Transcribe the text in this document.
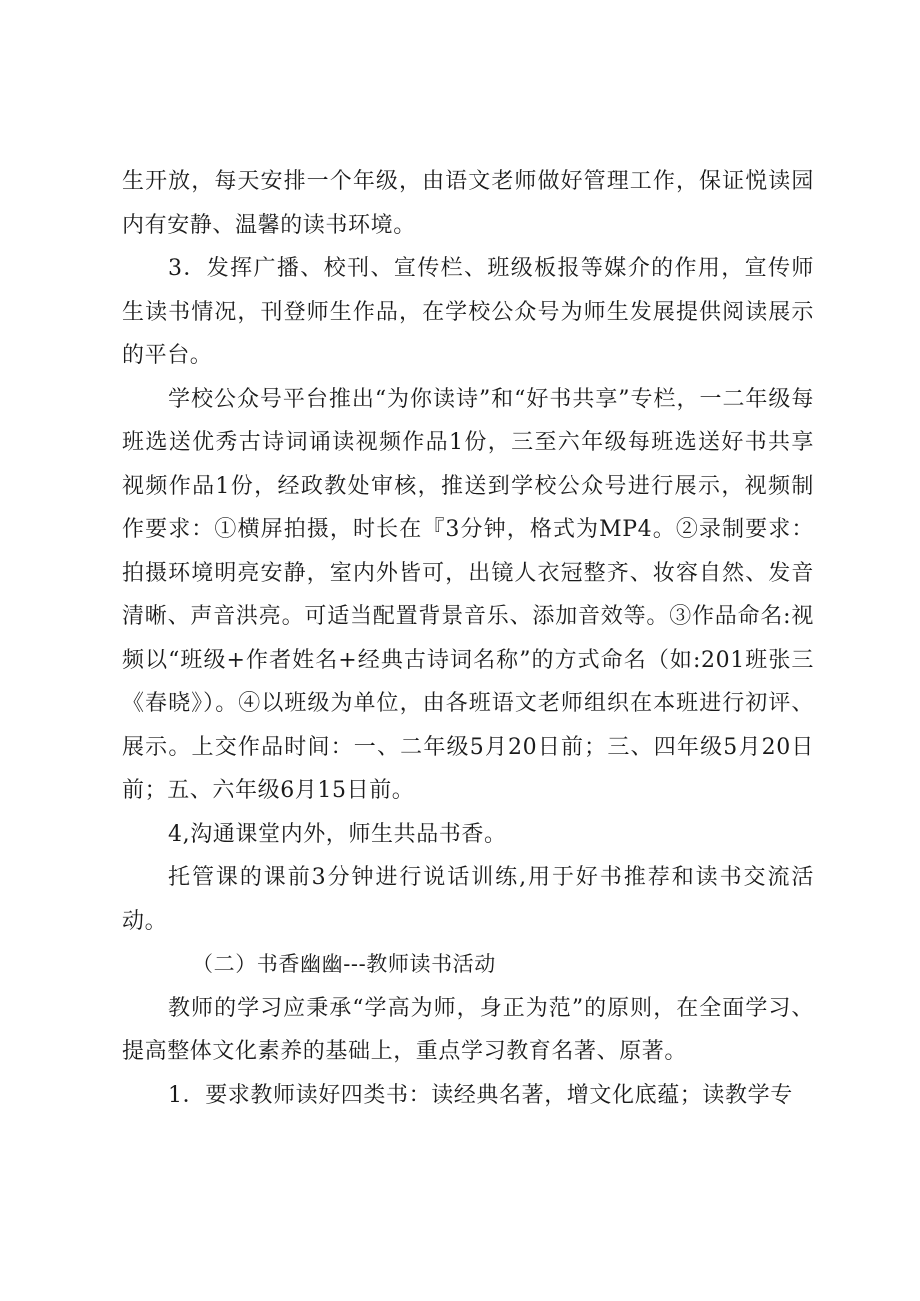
生开放，每天安排一个年级，由语文老师做好管理工作，保证悦读园内有安静、温馨的读书环境。

3．发挥广播、校刊、宣传栏、班级板报等媒介的作用，宣传师生读书情况，刊登师生作品，在学校公众号为师生发展提供阅读展示的平台。

学校公众号平台推出“为你读诗”和“好书共享”专栏，一二年级每班选送优秀古诗词诵读视频作品1份，三至六年级每班选送好书共享视频作品1份，经政教处审核，推送到学校公众号进行展示，视频制作要求：①横屏拍摄，时长在『3分钟，格式为MP4。②录制要求：拍摄环境明亮安静，室内外皆可，出镜人衣冠整齐、妆容自然、发音清晰、声音洪亮。可适当配置背景音乐、添加音效等。③作品命名:视频以“班级+作者姓名+经典古诗词名称”的方式命名（如:201班张三《春晓》）。④以班级为单位，由各班语文老师组织在本班进行初评、展示。上交作品时间：一、二年级5月20日前；三、四年级5月20日前；五、六年级6月15日前。

4,沟通课堂内外，师生共品书香。

托管课的课前3分钟进行说话训练,用于好书推荐和读书交流活动。

（二）书香幽幽---教师读书活动

教师的学习应秉承“学高为师，身正为范”的原则，在全面学习、提高整体文化素养的基础上，重点学习教育名著、原著。

1．要求教师读好四类书：读经典名著，增文化底蕴；读教学专
